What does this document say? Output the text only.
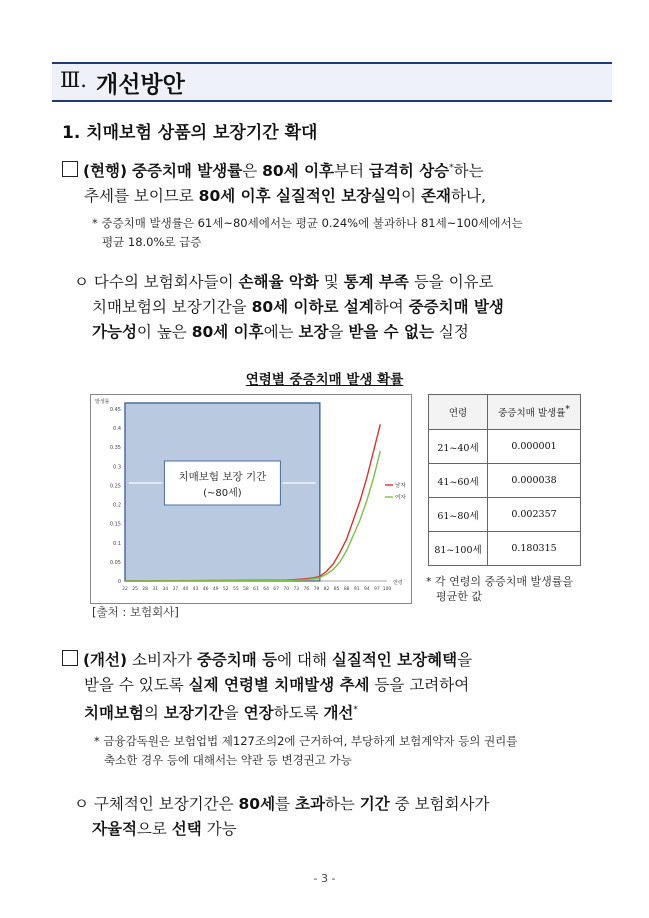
Ⅲ. 개선방안
1. 치매보험 상품의 보장기간 확대
(현행) 중증치매 발생률은 80세 이후부터 급격히 상승*하는
추세를 보이므로 80세 이후 실질적인 보장실익이 존재하나,
* 중증치매 발생률은 61세~80세에서는 평균 0.24%에 불과하나 81세~100세에서는
평균 18.0%로 급증
ㅇ 다수의 보험회사들이 손해율 악화 및 통계 부족 등을 이유로
치매보험의 보장기간을 80세 이하로 설계하여 중증치매 발생
가능성이 높은 80세 이후에는 보장을 받을 수 없는 실정
연령별 중증치매 발생 확률
치매보험 보장 기간
(~80세)
0
0.05
0.1
0.15
0.2
0.25
0.3
0.35
0.4
0.45
발생률
22 25 28 31 34 37 40 43 46 49 52 55 58 61 64 67 70 73 76 79 82 85 88 91 94 97 100
연령
남자
여자
연령	중증치매 발생률*
21~40세	0.000001
41~60세	0.000038
61~80세	0.002357
81~100세	0.180315
* 각 연령의 중증치매 발생률을
평균한 값
[출처 : 보험회사]
(개선) 소비자가 중증치매 등에 대해 실질적인 보장혜택을
받을 수 있도록 실제 연령별 치매발생 추세 등을 고려하여
치매보험의 보장기간을 연장하도록 개선*
* 금융감독원은 보험업법 제127조의2에 근거하여, 부당하게 보험계약자 등의 권리를
축소한 경우 등에 대해서는 약관 등 변경권고 가능
ㅇ 구체적인 보장기간은 80세를 초과하는 기간 중 보험회사가
자율적으로 선택 가능
- 3 -
